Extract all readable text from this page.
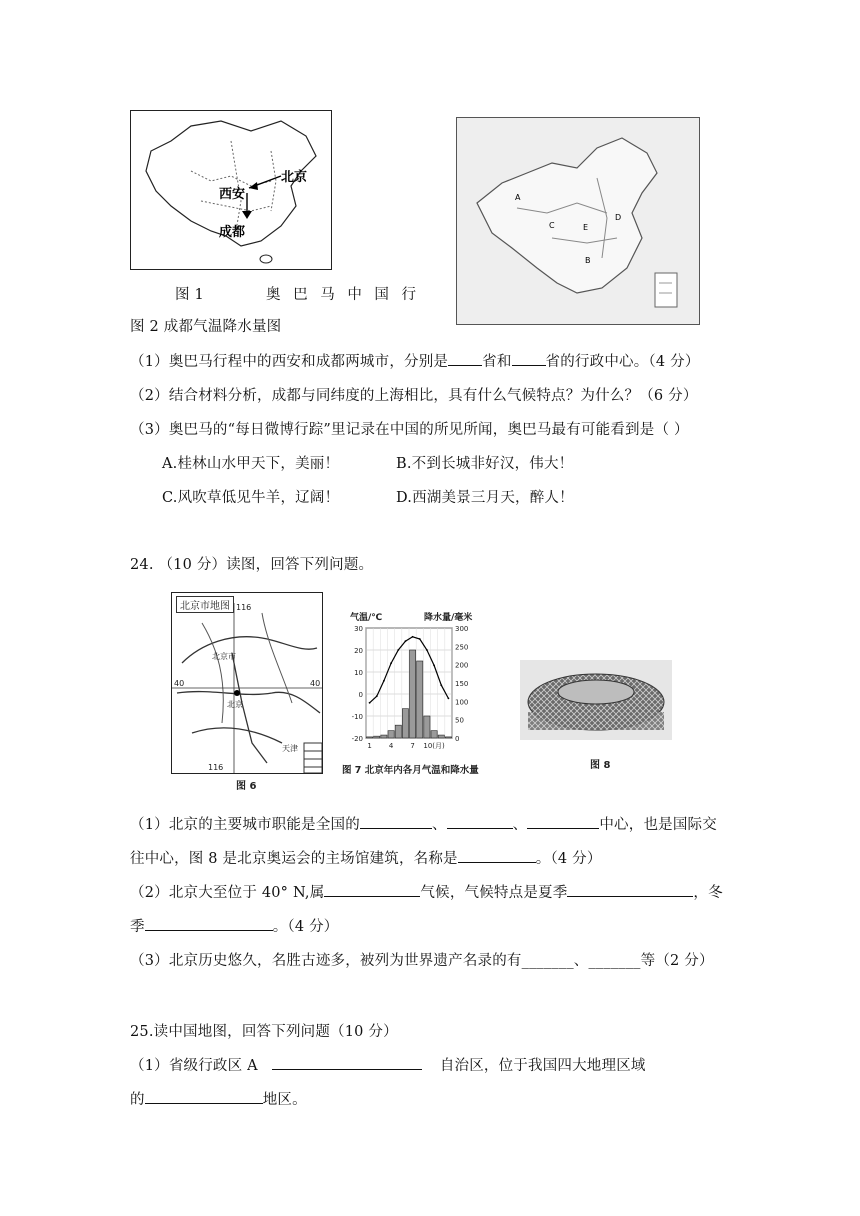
北京
西安
成都
A
B
C
D
E
图 1	奥 巴 马 中 国 行
图 2 成都气温降水量图
（1）奥巴马行程中的西安和成都两城市，分别是 省和 省的行政中心。（4 分）
（2）结合材料分析，成都与同纬度的上海相比，具有什么气候特点？为什么？（6 分）
（3）奥巴马的“每日微博行踪”里记录在中国的所见所闻，奥巴马最有可能看到是（ ）
A.桂林山水甲天下，美丽！	B.不到长城非好汉，伟大！
C.风吹草低见牛羊，辽阔！	D.西湖美景三月天，醉人！
24. （10 分）读图，回答下列问题。
北京市地图 116
116
40	40
北京市
北京
天津
图 6
30
20
10
0
-10
-20
300
250
200
150
100
50
0
1 4 7 10(月)
气温/℃	降水量/毫米
图 7 北京年内各月气温和降水量	图 8
（1）北京的主要城市职能是全国的	、	、	中心，也是国际交
往中心，图 8 是北京奥运会的主场馆建筑，名称是	。（4 分）
（2）北京大至位于 40° N,属	气候，气候特点是夏季	，冬
季	。（4 分）
（3）北京历史悠久，名胜古迹多，被列为世界遗产名录的有_______、_______等（2 分）
25.读中国地图，回答下列问题（10 分）
（1）省级行政区 A	自治区，位于我国四大地理区域
的	地区。
